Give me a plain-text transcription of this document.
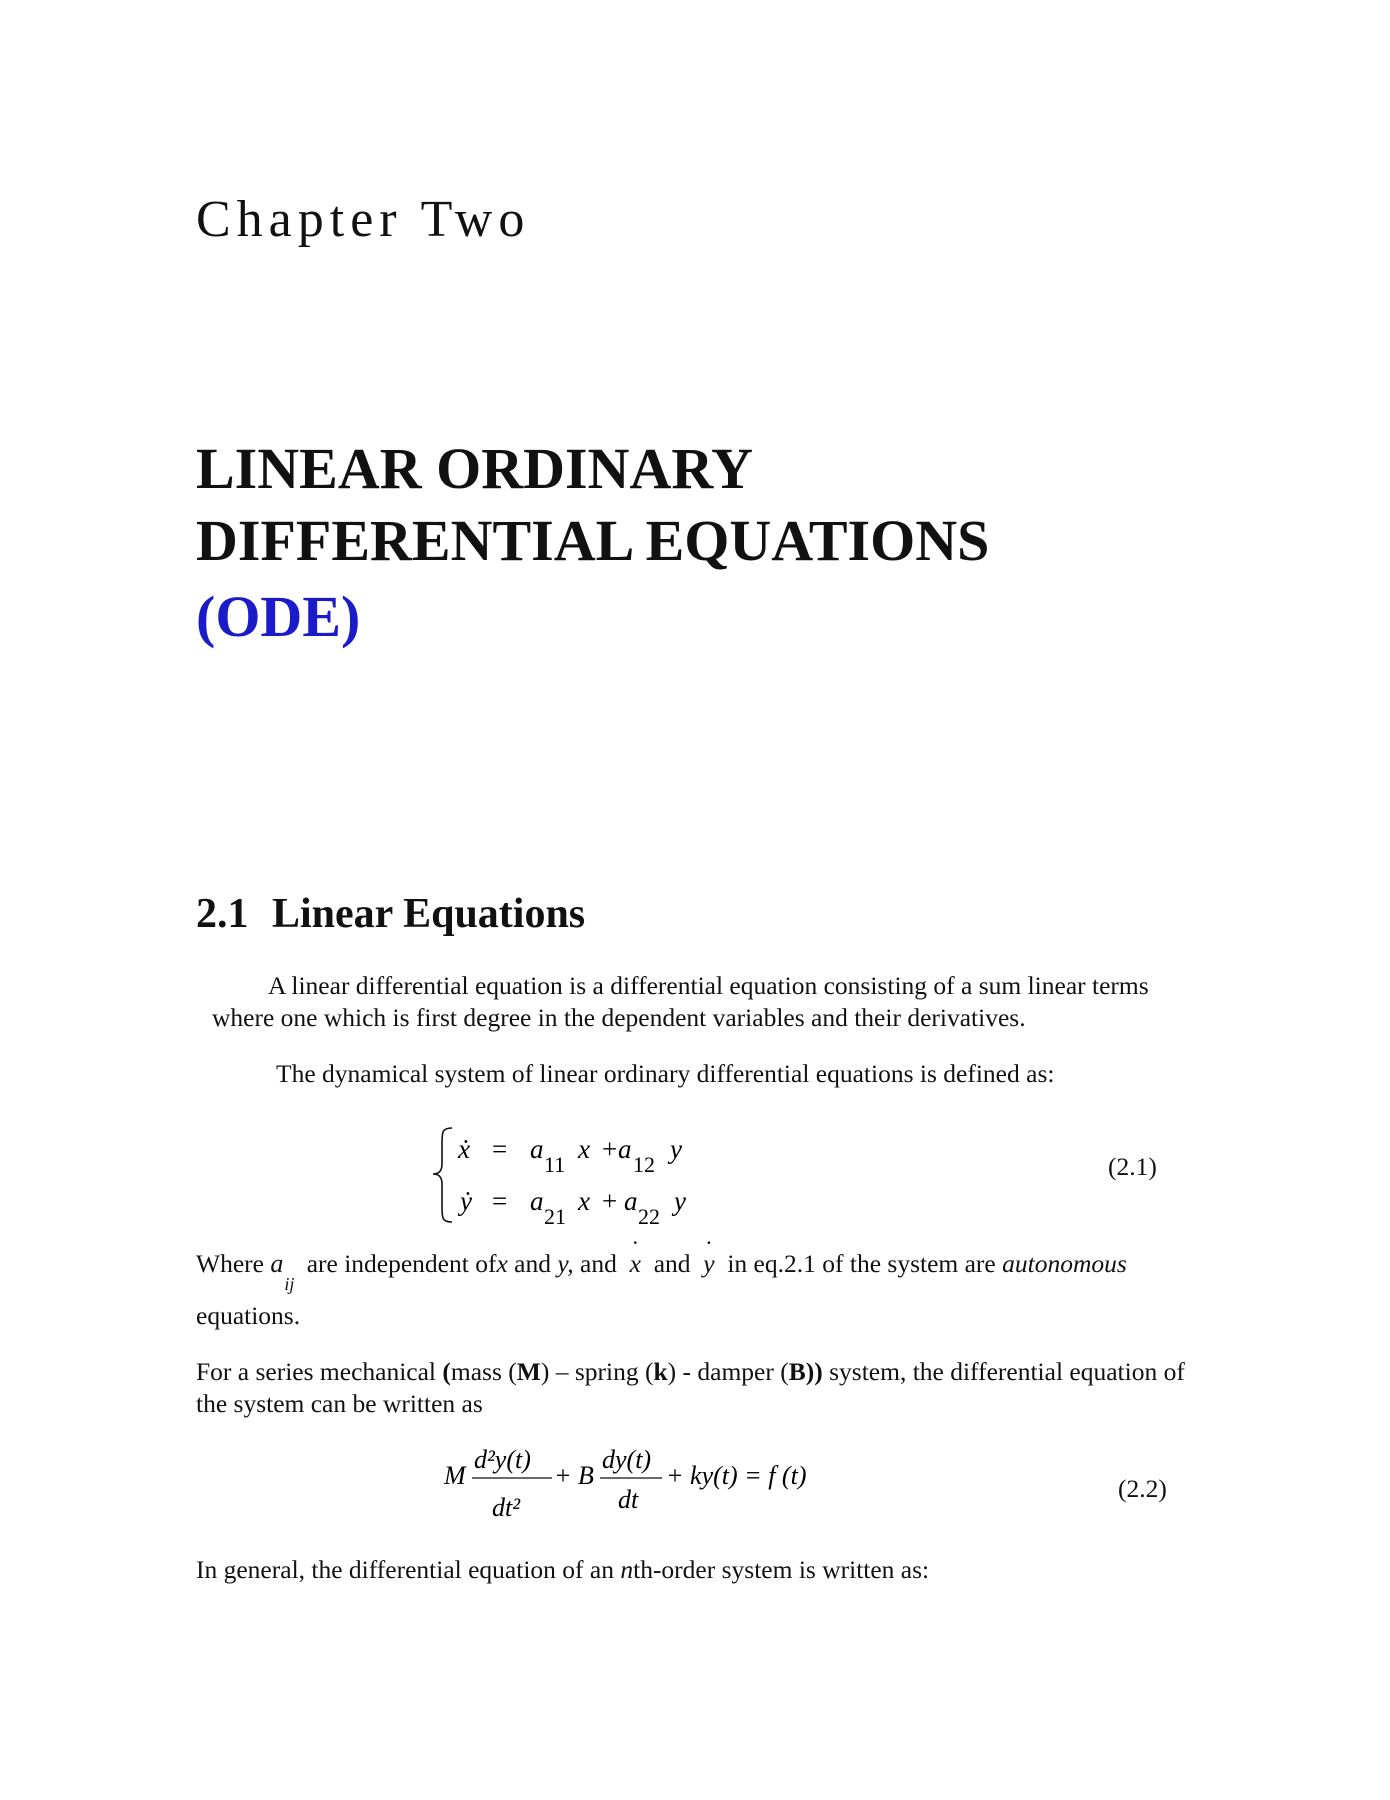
Chapter Two
LINEAR ORDINARY
DIFFERENTIAL EQUATIONS
(ODE)
2.1 Linear Equations
A linear differential equation is a differential equation consisting of a sum linear terms
where one which is first degree in the dependent variables and their derivatives.
The dynamical system of linear ordinary differential equations is defined as:
ẋ = a
11
x + a
12
y
ẏ = a
21
x + a
22
y
(2.1)
Where a
ij
are independent ofx and y, and x ˙ and y ˙ in eq.2.1 of the system are autonomous
equations.
For a series mechanical (mass (M) – spring (k) - damper (B)) system, the differential equation of
the system can be written as
M
d²y(t)
dt²
+ B
dy(t)
dt
+ ky(t) = f (t)	(2.2)
In general, the differential equation of an nth-order system is written as:
